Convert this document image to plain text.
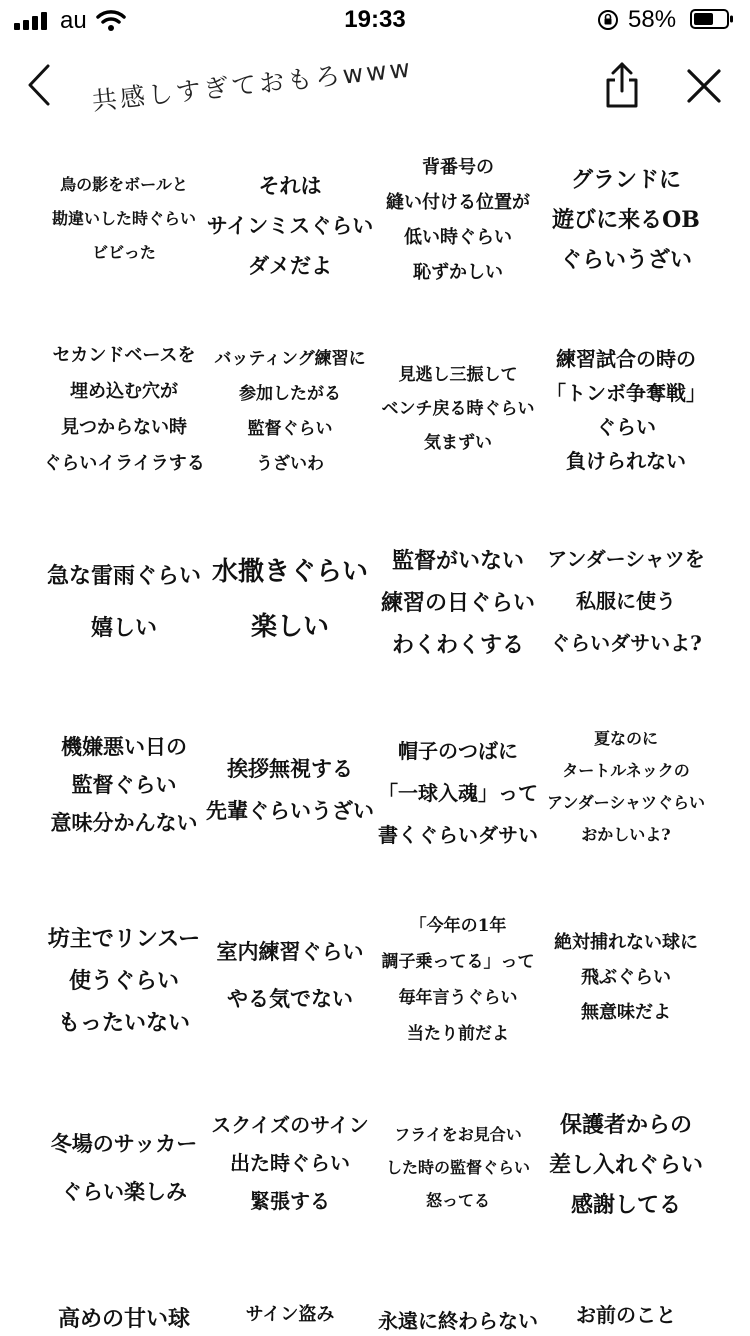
au	19:33	58%
共感しすぎておもろwww
鳥の影をボールと
勘違いした時ぐらい
ビビった
それは
サインミスぐらい
ダメだよ
背番号の
縫い付ける位置が
低い時ぐらい
恥ずかしい
グランドに
遊びに来るOB
ぐらいうざい
セカンドベースを
埋め込む穴が
見つからない時
ぐらいイライラする
バッティング練習に
参加したがる
監督ぐらい
うざいわ
見逃し三振して
ベンチ戻る時ぐらい
気まずい
練習試合の時の
「トンボ争奪戦」
ぐらい
負けられない
急な雷雨ぐらい
嬉しい
水撒きぐらい
楽しい
監督がいない
練習の日ぐらい
わくわくする
アンダーシャツを
私服に使う
ぐらいダサいよ?
機嫌悪い日の
監督ぐらい
意味分かんない
挨拶無視する
先輩ぐらいうざい
帽子のつばに
「一球入魂」って
書くぐらいダサい
夏なのに
タートルネックの
アンダーシャツぐらい
おかしいよ?
坊主でリンスー
使うぐらい
もったいない
室内練習ぐらい
やる気でない
「今年の1年
調子乗ってる」って
毎年言うぐらい
当たり前だよ
絶対捕れない球に
飛ぶぐらい
無意味だよ
冬場のサッカー
ぐらい楽しみ
スクイズのサイン
出た時ぐらい
緊張する
フライをお見合い
した時の監督ぐらい
怒ってる
保護者からの
差し入れぐらい
感謝してる
高めの甘い球	サイン盗み	永遠に終わらない	お前のこと
